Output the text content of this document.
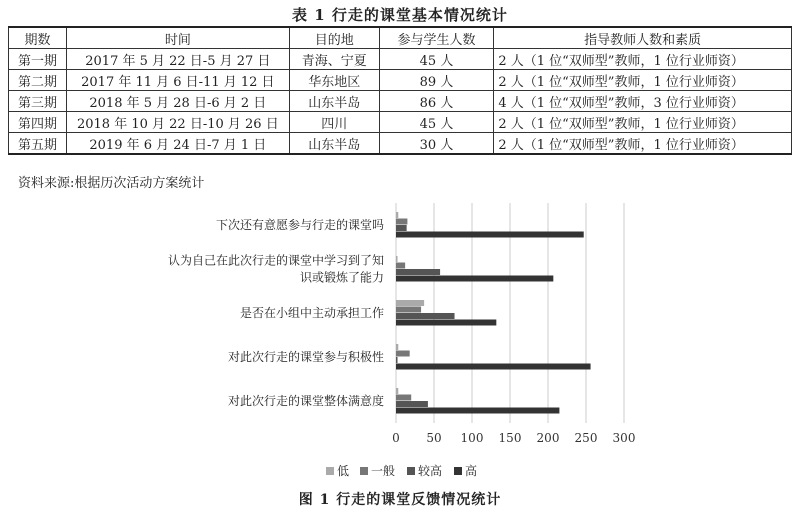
表 1 行走的课堂基本情况统计
期数	时间	目的地	参与学生人数	指导教师人数和素质
第一期	2017 年 5 月 22 日-5 月 27 日	青海、宁夏	45 人	2 人（1 位“双师型”教师，1 位行业师资）
第二期	2017 年 11 月 6 日-11 月 12 日	华东地区	89 人	2 人（1 位“双师型”教师，1 位行业师资）
第三期	2018 年 5 月 28 日-6 月 2 日	山东半岛	86 人	4 人（1 位“双师型”教师，3 位行业师资）
第四期	2018 年 10 月 22 日-10 月 26 日	四川	45 人	2 人（1 位“双师型”教师，1 位行业师资）
第五期	2019 年 6 月 24 日-7 月 1 日	山东半岛	30 人	2 人（1 位“双师型”教师，1 位行业师资）
资料来源:根据历次活动方案统计
0 50 100 150 200 250 300
下次还有意愿参与行走的课堂吗
认为自己在此次行走的课堂中学习到了知
识或锻炼了能力
是否在小组中主动承担工作
对此次行走的课堂参与积极性
对此次行走的课堂整体满意度
低 一般 较高 高
图 1 行走的课堂反馈情况统计
